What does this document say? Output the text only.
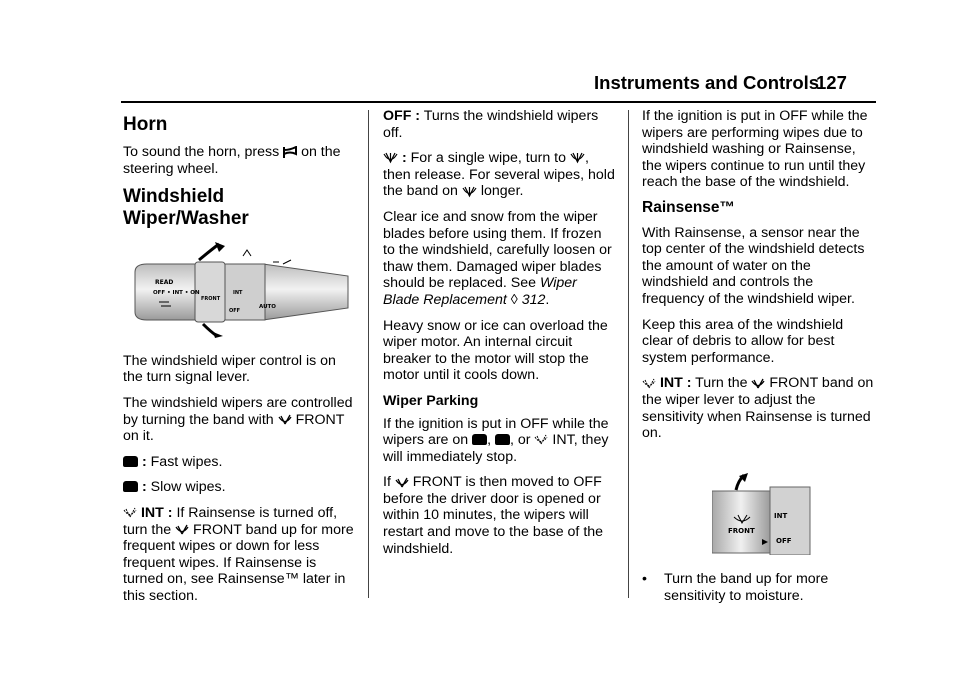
Instruments and Controls
127

Horn

To sound the horn, press on the steering wheel.

Windshield Wiper/Washer

READ
OFF • INT • ON
FRONT
INT
OFF
AUTO

The windshield wiper control is on the turn signal lever.

The windshield wipers are controlled by turning the band with FRONT on it.

: Fast wipes.

: Slow wipes.

INT : If Rainsense is turned off, turn the FRONT band up for more frequent wipes or down for less frequent wipes. If Rainsense is turned on, see Rainsense™ later in this section.

OFF : Turns the windshield wipers off.

: For a single wipe, turn to , then release. For several wipes, hold the band on longer.

Clear ice and snow from the wiper blades before using them. If frozen to the windshield, carefully loosen or thaw them. Damaged wiper blades should be replaced. See Wiper Blade Replacement ◊ 312.

Heavy snow or ice can overload the wiper motor. An internal circuit breaker to the motor will stop the motor until it cools down.

Wiper Parking

If the ignition is put in OFF while the wipers are on , , or  INT, they will immediately stop.

If FRONT is then moved to OFF before the driver door is opened or within 10 minutes, the wipers will restart and move to the base of the windshield.

If the ignition is put in OFF while the wipers are performing wipes due to windshield washing or Rainsense, the wipers continue to run until they reach the base of the windshield.

Rainsense™

With Rainsense, a sensor near the top center of the windshield detects the amount of water on the windshield and controls the frequency of the windshield wiper.

Keep this area of the windshield clear of debris to allow for best system performance.

INT : Turn the FRONT band on the wiper lever to adjust the sensitivity when Rainsense is turned on.

FRONT
INT
OFF
•	Turn the band up for more sensitivity to moisture.
